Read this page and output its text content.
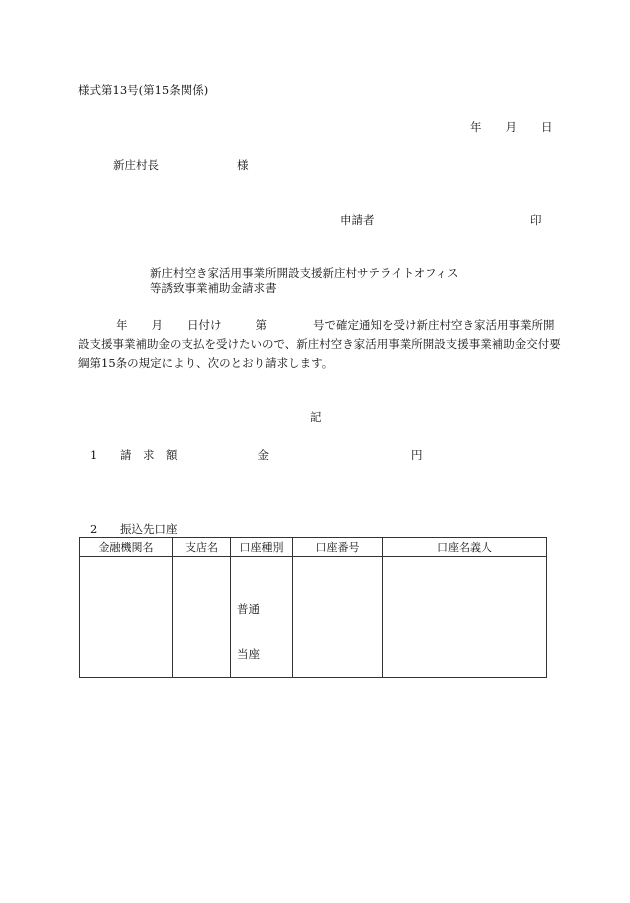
様式第13号(第15条関係)
年 月 日
新庄村長	様
申請者	印
新庄村空き家活用事業所開設支援新庄村サテライトオフィス
等誘致事業補助金請求書
年 月 日付け	第	号で確定通知を受け新庄村空き家活用事業所開設支援事業補助金の支払を受けたいので、新庄村空き家活用事業所開設支援事業補助金交付要綱第15条の規定により、次のとおり請求します。
記
1 請　求　額	金	円
2 振込先口座
金融機関名	支店名	口座種別	口座番号	口座名義人

		普通
当座		
